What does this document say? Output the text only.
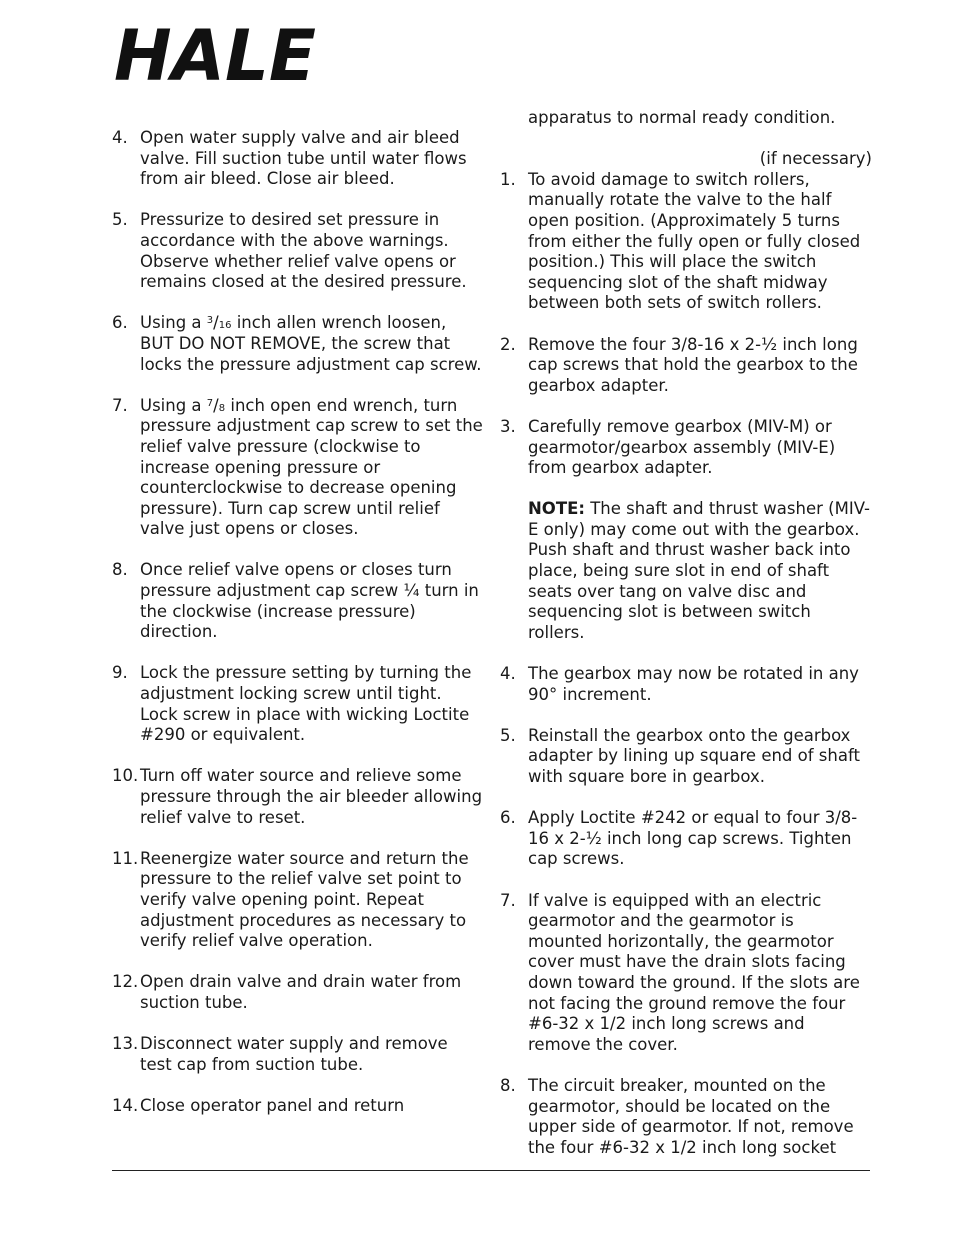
HALE
4. Open water supply valve and air bleed valve. Fill suction tube until water flows from air bleed. Close air bleed.
5. Pressurize to desired set pressure in accordance with the above warnings. Observe whether relief valve opens or remains closed at the desired pressure.
6. Using a $^3$/16 inch allen wrench loosen, BUT DO NOT REMOVE, the screw that locks the pressure adjustment cap screw.
7. Using a $^7$/8 inch open end wrench, turn pressure adjustment cap screw to set the relief valve pressure (clockwise to increase opening pressure or counterclockwise to decrease opening pressure). Turn cap screw until relief valve just opens or closes.
8. Once relief valve opens or closes turn pressure adjustment cap screw ¼ turn in the clockwise (increase pressure) direction.
9. Lock the pressure setting by turning the adjustment locking screw until tight. Lock screw in place with wicking Loctite #290 or equivalent.
10. Turn off water source and relieve some pressure through the air bleeder allowing relief valve to reset.
11. Reenergize water source and return the pressure to the relief valve set point to verify valve opening point. Repeat adjustment procedures as necessary to verify relief valve operation.
12. Open drain valve and drain water from suction tube.
13. Disconnect water supply and remove test cap from suction tube.
14. Close operator panel and return
apparatus to normal ready condition.
(if necessary)
1. To avoid damage to switch rollers, manually rotate the valve to the half open position. (Approximately 5 turns from either the fully open or fully closed position.) This will place the switch sequencing slot of the shaft midway between both sets of switch rollers.
2. Remove the four 3/8-16 x 2-½ inch long cap screws that hold the gearbox to the gearbox adapter.
3. Carefully remove gearbox (MIV-M) or gearmotor/gearbox assembly (MIV-E) from gearbox adapter.
NOTE: The shaft and thrust washer (MIV-E only) may come out with the gearbox. Push shaft and thrust washer back into place, being sure slot in end of shaft seats over tang on valve disc and sequencing slot is between switch rollers.
4. The gearbox may now be rotated in any 90° increment.
5. Reinstall the gearbox onto the gearbox adapter by lining up square end of shaft with square bore in gearbox.
6. Apply Loctite #242 or equal to four 3/8-16 x 2-½ inch long cap screws. Tighten cap screws.
7. If valve is equipped with an electric gearmotor and the gearmotor is mounted horizontally, the gearmotor cover must have the drain slots facing down toward the ground. If the slots are not facing the ground remove the four #6-32 x 1/2 inch long screws and remove the cover.
8. The circuit breaker, mounted on the gearmotor, should be located on the upper side of gearmotor. If not, remove the four #6-32 x 1/2 inch long socket
